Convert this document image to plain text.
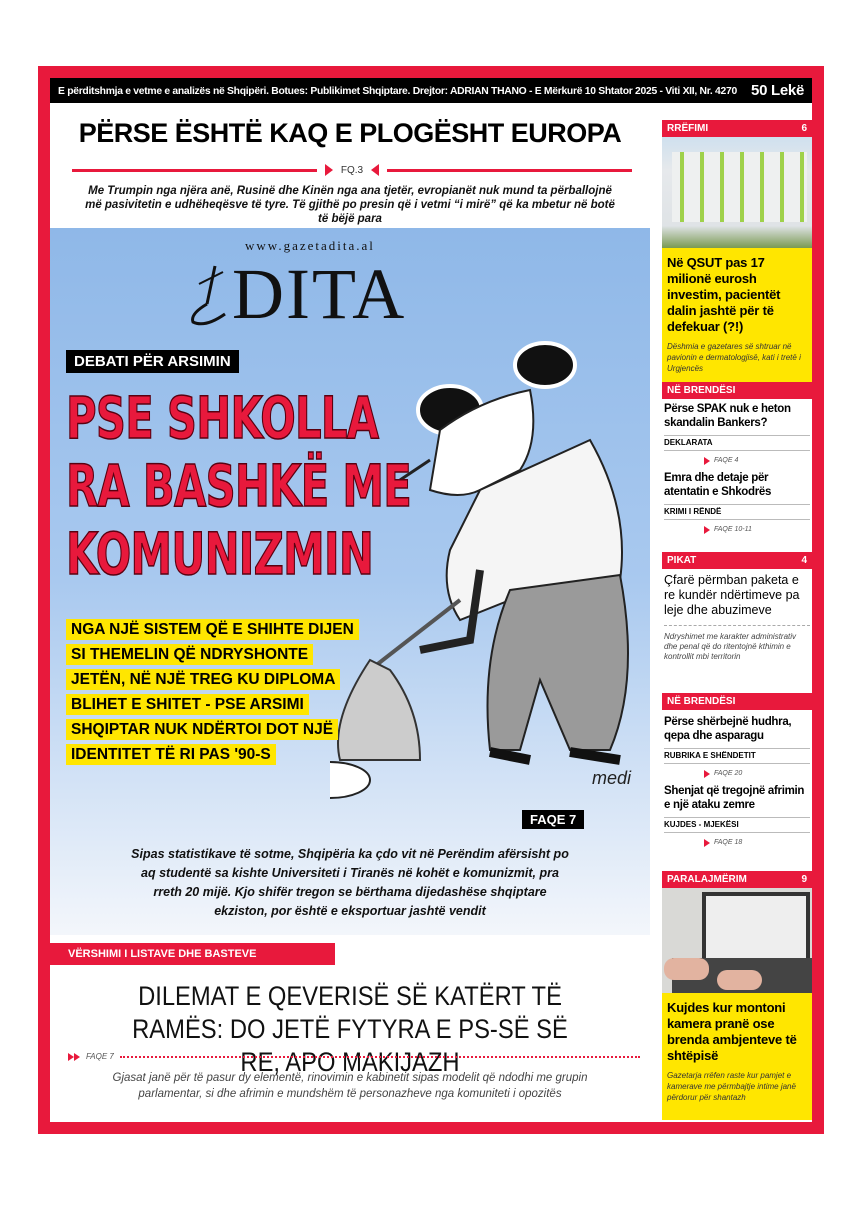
E përditshmja e vetme e analizës në Shqipëri. Botues: Publikimet Shqiptare. Drejtor: ADRIAN THANO - E Mërkurë 10 Shtator 2025 - Viti XII, Nr. 4270 50 Lekë
PËRSE ËSHTË KAQ E PLOGËSHT EUROPA
FQ.3
Me Trumpin nga njëra anë, Rusinë dhe Kinën nga ana tjetër, evropianët nuk mund ta përballojnë më pasivitetin e udhëheqësve të tyre. Të gjithë po presin që i vetmi “i mirë” që ka mbetur në botë të bëjë para
www.gazetadita.al
DITA
medi
DEBATI PËR ARSIMIN
PSE SHKOLLA
RA BASHKË ME
KOMUNIZMIN
NGA NJË SISTEM QË E SHIHTE DIJEN
SI THEMELIN QË NDRYSHONTE
JETËN, NË NJË TREG KU DIPLOMA
BLIHET E SHITET - PSE ARSIMI
SHQIPTAR NUK NDËRTOI DOT NJË
IDENTITET TË RI PAS '90-S
FAQE 7
Sipas statistikave të sotme, Shqipëria ka çdo vit në Perëndim afërsisht po aq studentë sa kishte Universiteti i Tiranës në kohët e komunizmit, pra rreth 20 mijë. Kjo shifër tregon se bërthama dijedashëse shqiptare ekziston, por është e eksportuar jashtë vendit
VËRSHIMI I LISTAVE DHE BASTEVE
DILEMAT E QEVERISË SË KATËRT TË RAMËS: DO JETË FYTYRA E PS-SË SË RE, APO MAKIJAZH
FAQE 7
Gjasat janë për të pasur dy elementë, rinovimin e kabinetit sipas modelit që ndodhi me grupin parlamentar, si dhe afrimin e mundshëm të personazheve nga komuniteti i opozitës
RRËFIMI	6
Në QSUT pas 17 milionë eurosh investim, pacientët dalin jashtë për të defekuar (?!)
Dëshmia e gazetares së shtruar në pavionin e dermatologjisë, kati i tretë i Urgjencës
NË BRENDËSI
Përse SPAK nuk e heton skandalin Bankers?
DEKLARATA
FAQE 4
Emra dhe detaje për atentatin e Shkodrës
KRIMI I RËNDË
FAQE 10-11
PIKAT	4
Çfarë përmban paketa e re kundër ndërtimeve pa leje dhe abuzimeve
Ndryshimet me karakter administrativ dhe penal që do ritentojnë kthimin e kontrollit mbi territorin
NË BRENDËSI
Përse shërbejnë hudhra, qepa dhe asparagu
RUBRIKA E SHËNDETIT
FAQE 20
Shenjat që tregojnë afrimin e një ataku zemre
KUJDES - MJEKËSI
FAQE 18
PARALAJMËRIM	9
Kujdes kur montoni kamera pranë ose brenda ambjenteve të shtëpisë
Gazetarja rrëfen raste kur pamjet e kamerave me përmbajtje intime janë përdorur për shantazh
